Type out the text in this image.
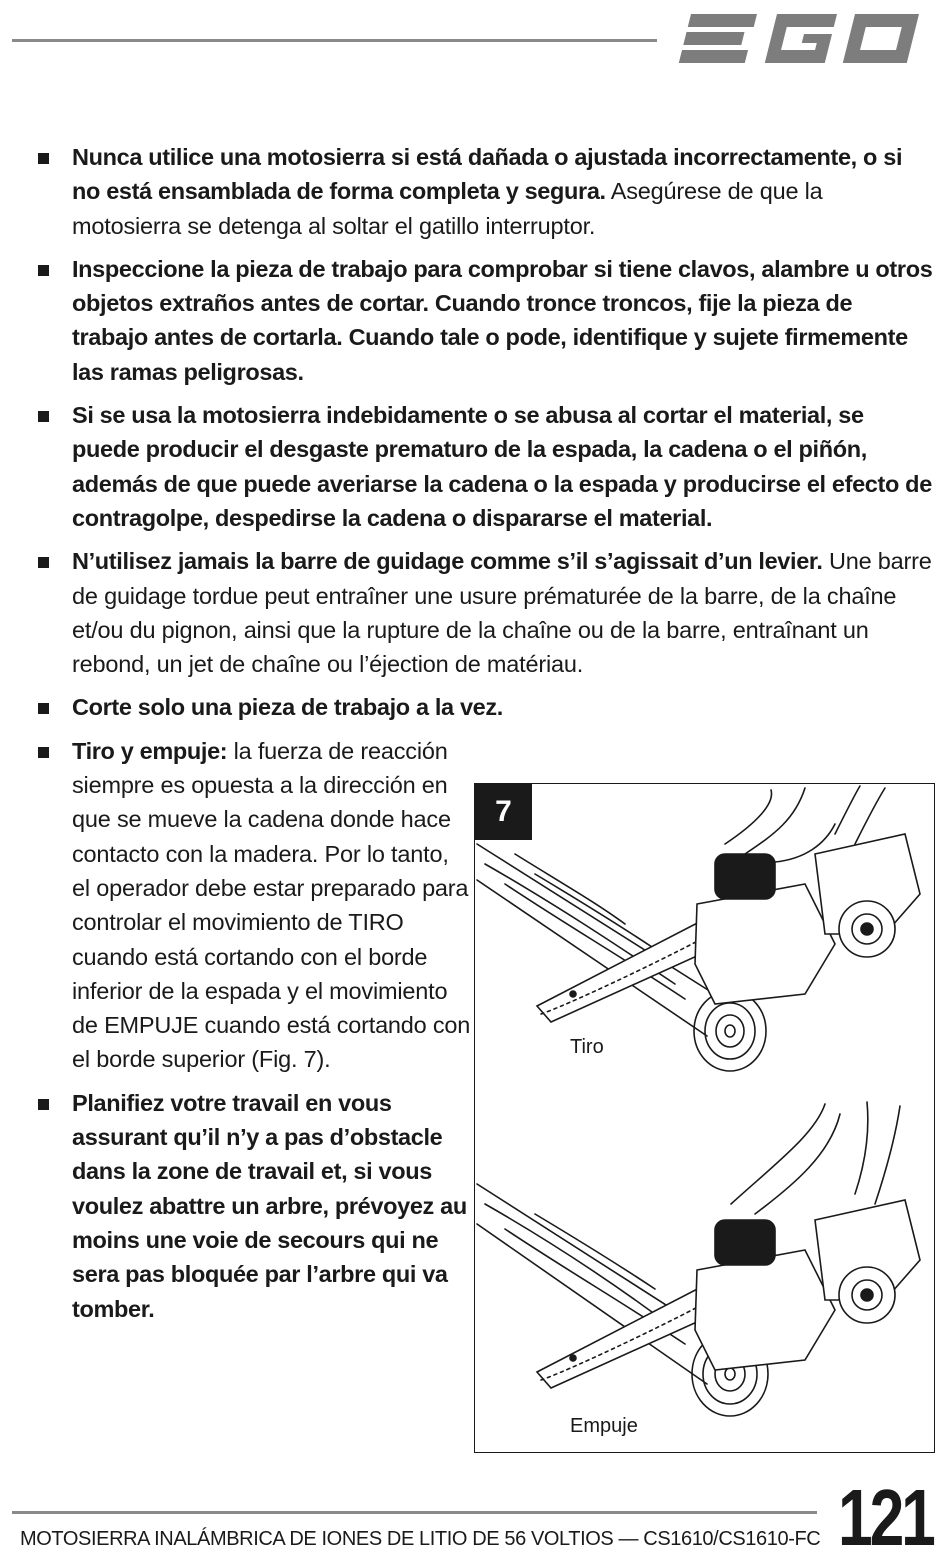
Nunca utilice una motosierra si está dañada o ajustada incorrectamente, o si no está ensamblada de forma completa y segura. Asegúrese de que la motosierra se detenga al soltar el gatillo interruptor.
Inspeccione la pieza de trabajo para comprobar si tiene clavos, alambre u otros objetos extraños antes de cortar. Cuando tronce troncos, fije la pieza de trabajo antes de cortarla. Cuando tale o pode, identifique y sujete firmemente las ramas peligrosas.
Si se usa la motosierra indebidamente o se abusa al cortar el material, se puede producir el desgaste prematuro de la espada, la cadena o el piñón, además de que puede averiarse la cadena o la espada y producirse el efecto de contragolpe, despedirse la cadena o dispararse el material.
N’utilisez jamais la barre de guidage comme s’il s’agissait d’un levier. Une barre de guidage tordue peut entraîner une usure prématurée de la barre, de la chaîne et/ou du pignon, ainsi que la rupture de la chaîne ou de la barre, entraînant un rebond, un jet de chaîne ou l’éjection de matériau.
Corte solo una pieza de trabajo a la vez.
Tiro y empuje: la fuerza de reacción siempre es opuesta a la dirección en que se mueve la cadena donde hace contacto con la madera. Por lo tanto, el operador debe estar preparado para controlar el movimiento de TIRO cuando está cortando con el borde inferior de la espada y el movimiento de EMPUJE cuando está cortando con el borde superior (Fig. 7).
Planifiez votre travail en vous assurant qu’il n’y a pas d’obstacle dans la zone de travail et, si vous voulez abattre un arbre, prévoyez au moins une voie de secours qui ne sera pas bloquée par l’arbre qui va tomber.
7
Tiro
Empuje
MOTOSIERRA INALÁMBRICA DE IONES DE LITIO DE 56 VOLTIOS — CS1610/CS1610-FC 121
